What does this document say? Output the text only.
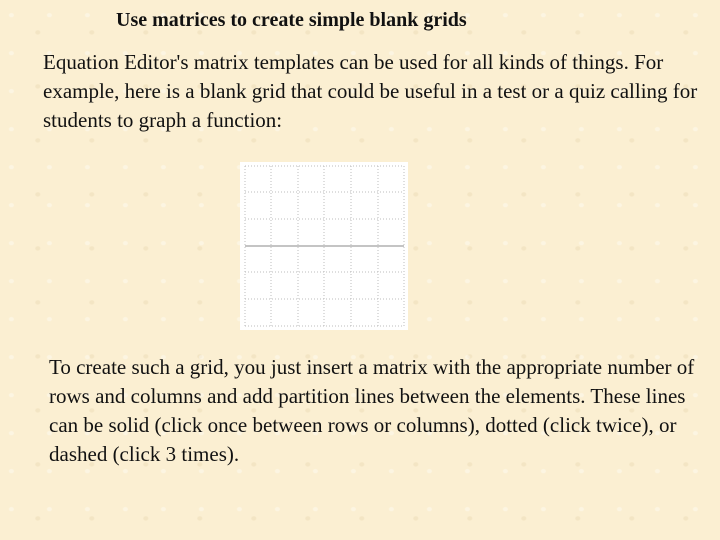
Use matrices to create simple blank grids
Equation Editor's matrix templates can be used for all kinds of things. For example, here is a blank grid that could be useful in a test or a quiz calling for students to graph a function:
To create such a grid, you just insert a matrix with the appropriate number of rows and columns and add partition lines between the elements. These lines can be solid (click once between rows or columns), dotted (click twice), or dashed (click 3 times).
